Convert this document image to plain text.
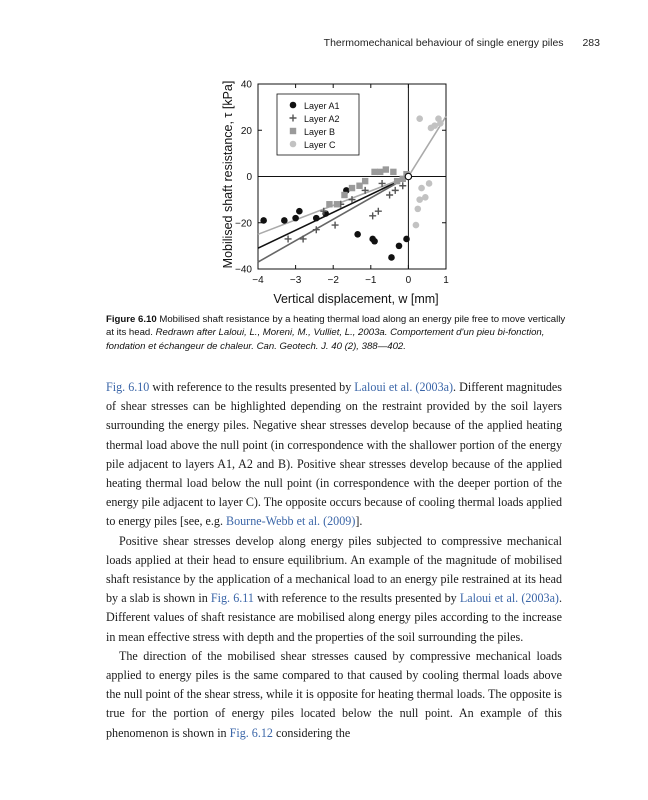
Thermomechanical behaviour of single energy piles 283
−4	−3	−2	−1	0	1
−40
−20
0
20
40
Vertical displacement, w [mm]
Mobilised shaft resistance, τ [kPa]	Layer A1
Layer A2
Layer B
Layer C
Figure 6.10 Mobilised shaft resistance by a heating thermal load along an energy pile free to move vertically at its head. Redrawn after Laloui, L., Moreni, M., Vulliet, L., 2003a. Comportement d'un pieu bi-fonction, fondation et échangeur de chaleur. Can. Geotech. J. 40 (2), 388—402.

Fig. 6.10 with reference to the results presented by Laloui et al. (2003a). Different magnitudes of shear stresses can be highlighted depending on the restraint provided by the soil layers surrounding the energy piles. Negative shear stresses develop because of the applied heating thermal load above the null point (in correspondence with the shallower portion of the energy pile adjacent to layers A1, A2 and B). Positive shear stresses develop because of the applied heating thermal load below the null point (in correspondence with the deeper portion of the energy pile adjacent to layer C). The opposite occurs because of cooling thermal loads applied to energy piles [see, e.g. Bourne-Webb et al. (2009)].

Positive shear stresses develop along energy piles subjected to compressive mechanical loads applied at their head to ensure equilibrium. An example of the magnitude of mobilised shaft resistance by the application of a mechanical load to an energy pile restrained at its head by a slab is shown in Fig. 6.11 with reference to the results presented by Laloui et al. (2003a). Different values of shaft resistance are mobilised along energy piles according to the increase in mean effective stress with depth and the properties of the soil surrounding the piles.

The direction of the mobilised shear stresses caused by compressive mechanical loads applied to energy piles is the same compared to that caused by cooling thermal loads above the null point of the shear stress, while it is opposite for heating thermal loads. The opposite is true for the portion of energy piles located below the null point. An example of this phenomenon is shown in Fig. 6.12 considering the
